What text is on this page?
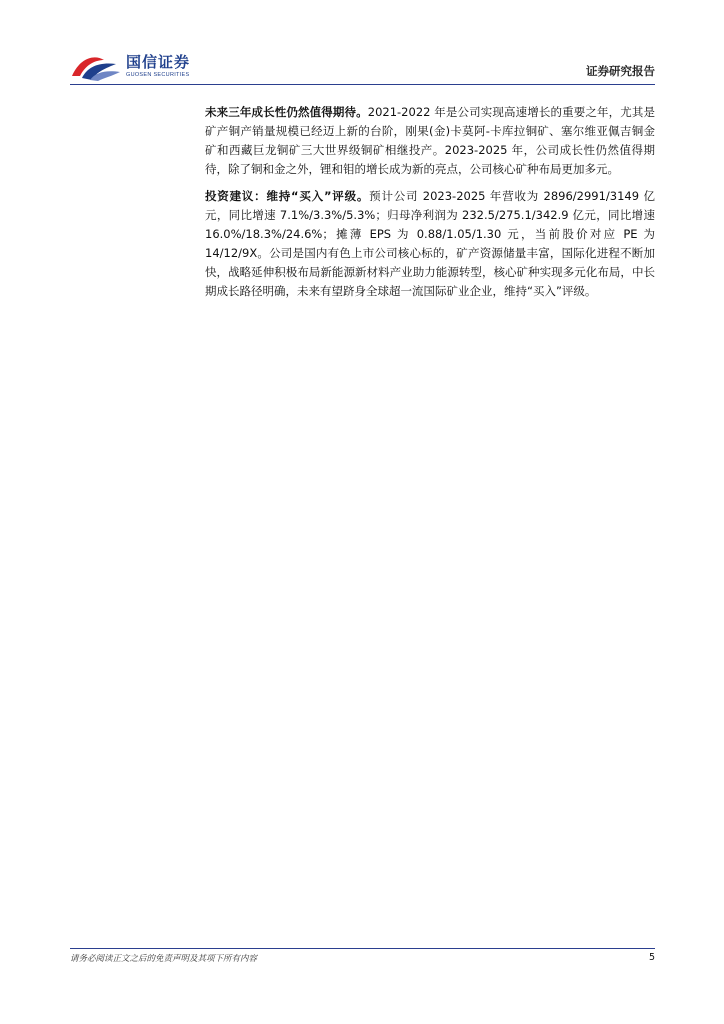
国信证券
GUOSEN SECURITIES	证券研究报告

未来三年成长性仍然值得期待。2021-2022 年是公司实现高速增长的重要之年，尤其是矿产铜产销量规模已经迈上新的台阶，刚果(金)卡莫阿-卡库拉铜矿、塞尔维亚佩吉铜金矿和西藏巨龙铜矿三大世界级铜矿相继投产。2023-2025 年，公司成长性仍然值得期待，除了铜和金之外，锂和钼的增长成为新的亮点，公司核心矿种布局更加多元。

投资建议：维持“买入”评级。预计公司 2023-2025 年营收为 2896/2991/3149 亿元，同比增速 7.1%/3.3%/5.3%；归母净利润为 232.5/275.1/342.9 亿元，同比增速 16.0%/18.3%/24.6%；摊薄 EPS 为 0.88/1.05/1.30 元，当前股价对应 PE 为 14/12/9X。公司是国内有色上市公司核心标的，矿产资源储量丰富，国际化进程不断加快，战略延伸积极布局新能源新材料产业助力能源转型，核心矿种实现多元化布局，中长期成长路径明确，未来有望跻身全球超一流国际矿业企业，维持“买入”评级。

请务必阅读正文之后的免责声明及其项下所有内容	5
